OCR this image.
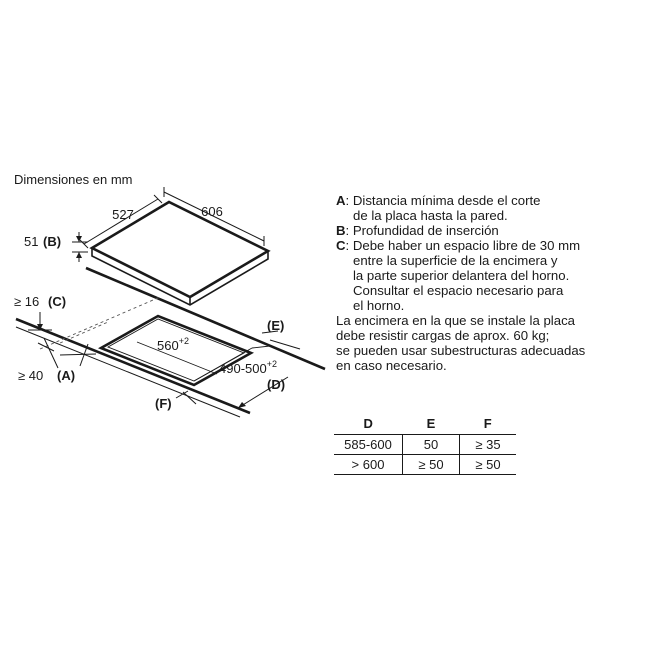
Dimensiones en mm
527	606
51 (B)
≥ 16 (C)
≥ 40 (A)
$560^{+2}$
$490-500^{+2}$
(D)
(E)
(F)

A: Distancia mínima desde el corte

de la placa hasta la pared.

B: Profundidad de inserción

C: Debe haber un espacio libre de 30 mm

entre la superficie de la encimera y

la parte superior delantera del horno.

Consultar el espacio necesario para

el horno.

La encimera en la que se instale la placa

debe resistir cargas de aprox. 60 kg;

se pueden usar subestructuras adecuadas

en caso necesario.

D	E	F
585-600	50	≥ 35
> 600	≥ 50	≥ 50
